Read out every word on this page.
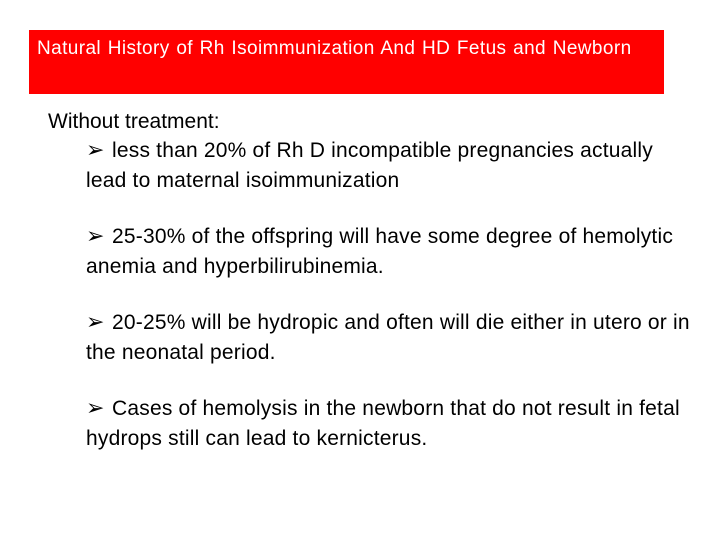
Natural History of Rh Isoimmunization And HD Fetus and Newborn

Without treatment:

➢ less than 20% of Rh D incompatible pregnancies actually lead to maternal isoimmunization
➢ 25-30% of the offspring will have some degree of hemolytic anemia and hyperbilirubinemia.
➢ 20-25% will be hydropic and often will die either in utero or in the neonatal period.
➢ Cases of hemolysis in the newborn that do not result in fetal hydrops still can lead to kernicterus.
